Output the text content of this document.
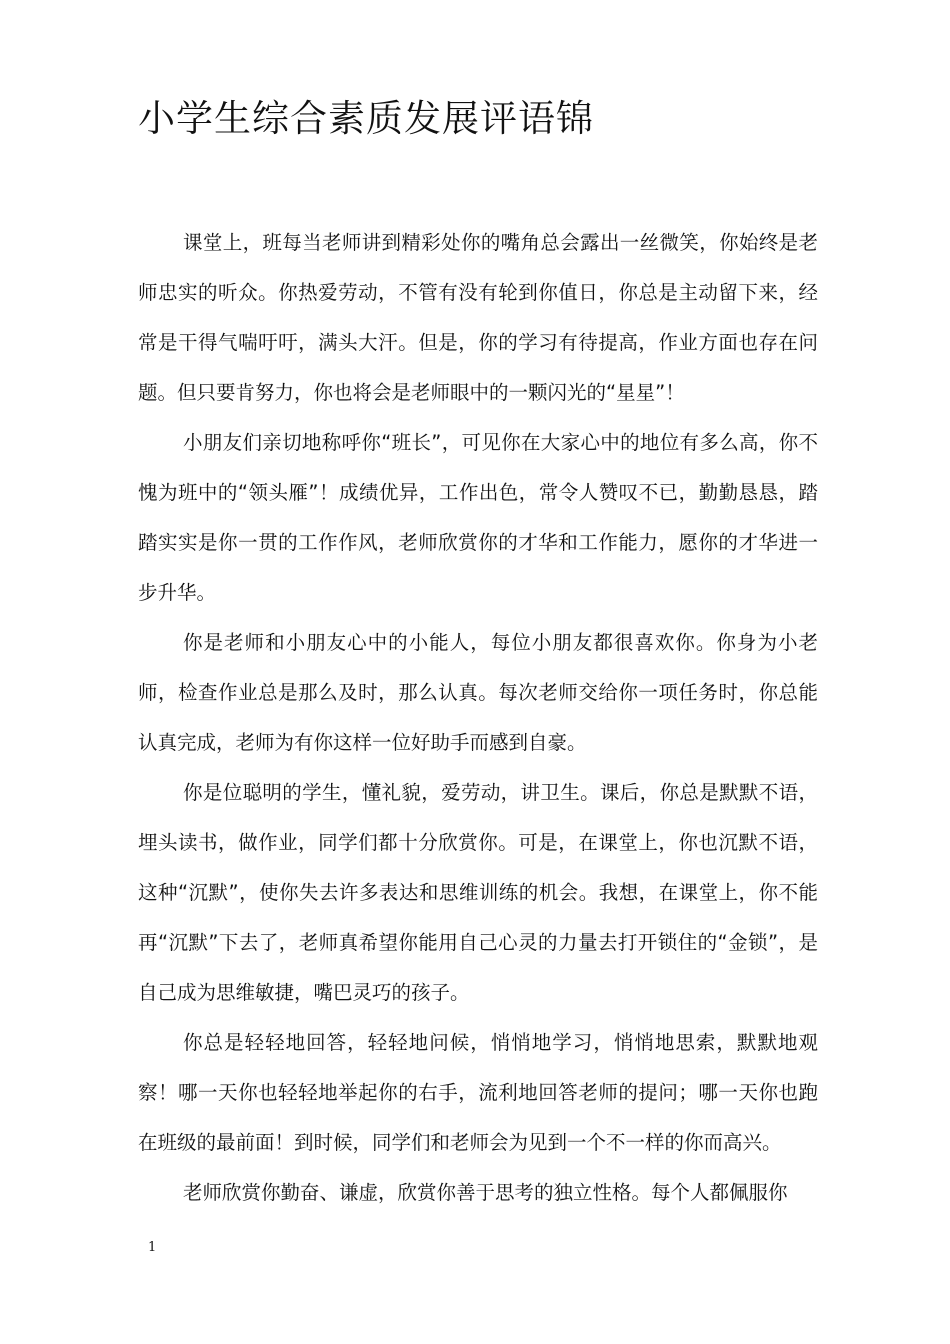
小学生综合素质发展评语锦

课堂上，班每当老师讲到精彩处你的嘴角总会露出一丝微笑，你始终是老师忠实的听众。你热爱劳动，不管有没有轮到你值日，你总是主动留下来，经常是干得气喘吁吁，满头大汗。但是，你的学习有待提高，作业方面也存在问题。但只要肯努力，你也将会是老师眼中的一颗闪光的“星星”！

小朋友们亲切地称呼你“班长”，可见你在大家心中的地位有多么高，你不愧为班中的“领头雁”！成绩优异，工作出色，常令人赞叹不已，勤勤恳恳，踏踏实实是你一贯的工作作风，老师欣赏你的才华和工作能力，愿你的才华进一步升华。

你是老师和小朋友心中的小能人，每位小朋友都很喜欢你。你身为小老师，检查作业总是那么及时，那么认真。每次老师交给你一项任务时，你总能认真完成，老师为有你这样一位好助手而感到自豪。

你是位聪明的学生，懂礼貌，爱劳动，讲卫生。课后，你总是默默不语，埋头读书，做作业，同学们都十分欣赏你。可是，在课堂上，你也沉默不语，这种“沉默”，使你失去许多表达和思维训练的机会。我想，在课堂上，你不能再“沉默”下去了，老师真希望你能用自己心灵的力量去打开锁住的“金锁”，是自己成为思维敏捷，嘴巴灵巧的孩子。

你总是轻轻地回答，轻轻地问候，悄悄地学习，悄悄地思索，默默地观察！哪一天你也轻轻地举起你的右手，流利地回答老师的提问；哪一天你也跑在班级的最前面！到时候，同学们和老师会为见到一个不一样的你而高兴。

老师欣赏你勤奋、谦虚，欣赏你善于思考的独立性格。每个人都佩服你

1
